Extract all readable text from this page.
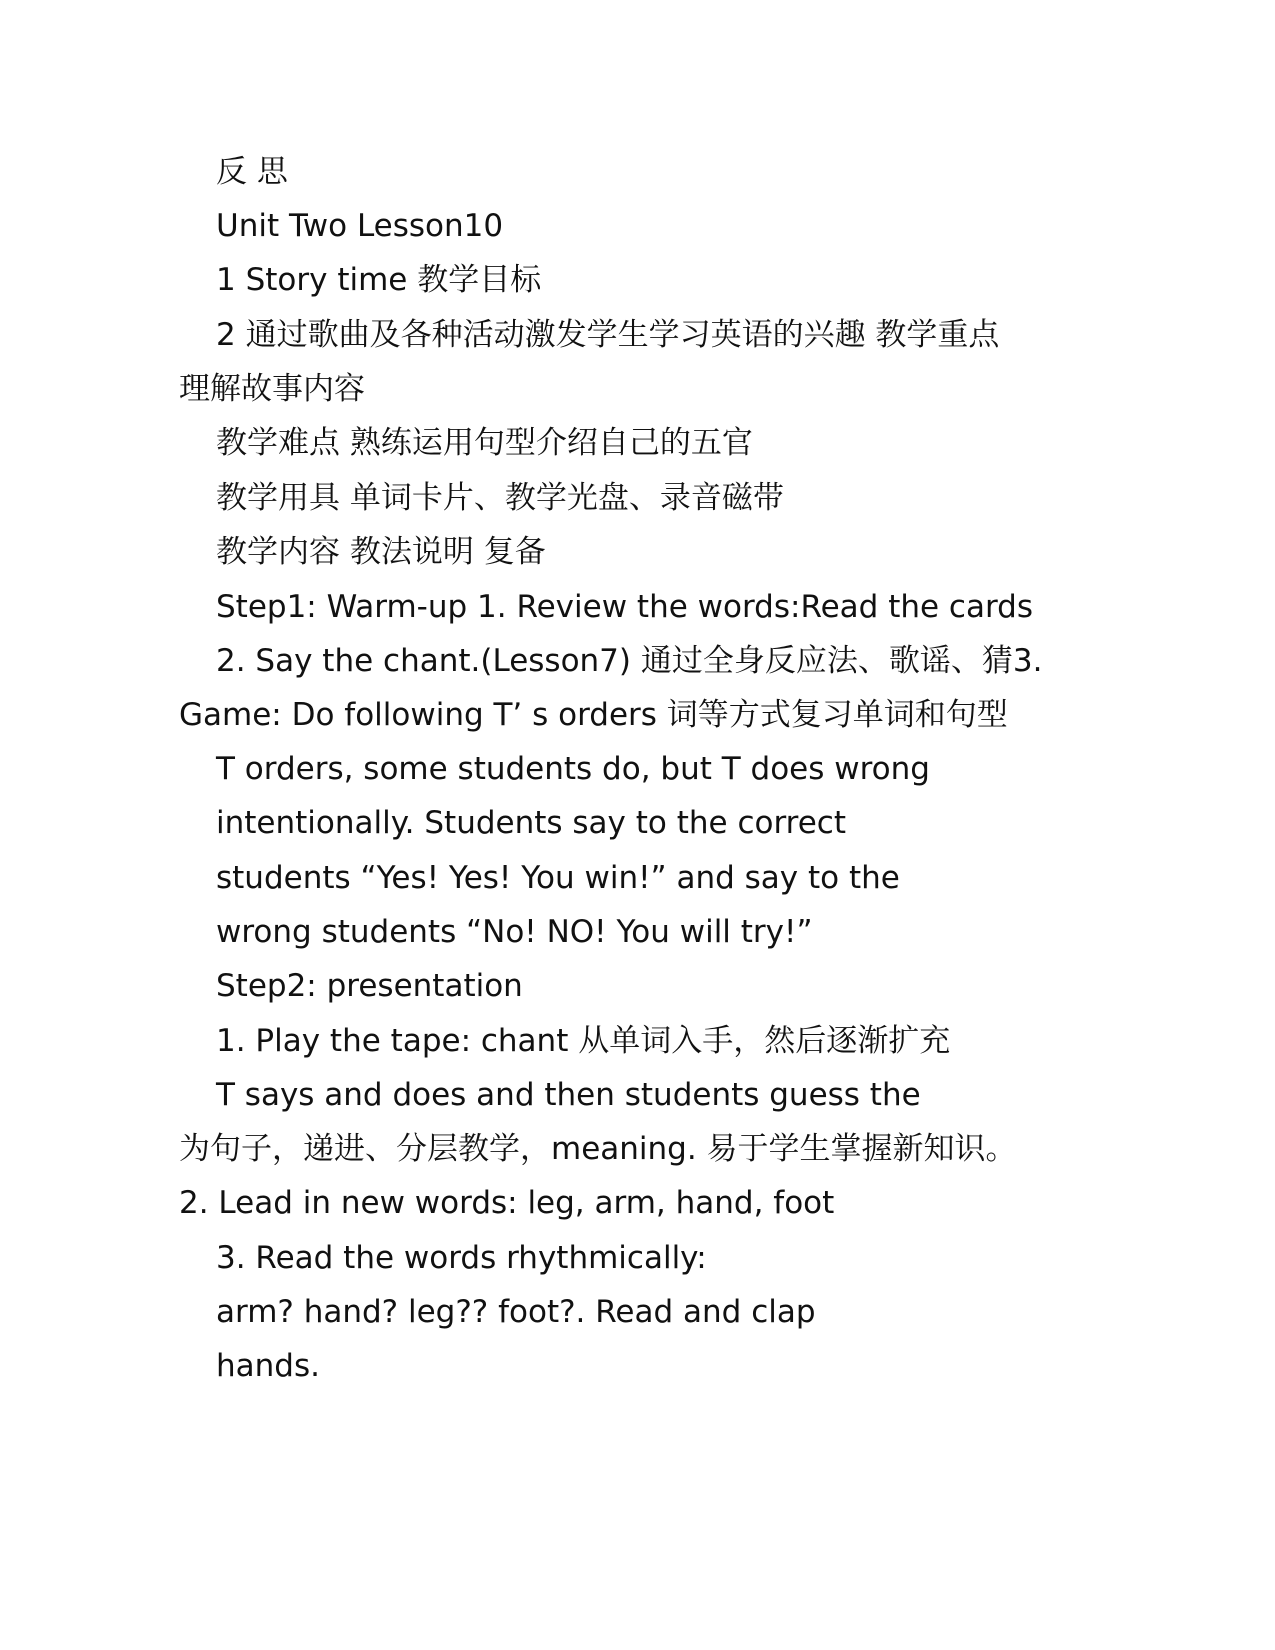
反 思
Unit Two Lesson10
1 Story time 教学目标
2 通过歌曲及各种活动激发学生学习英语的兴趣 教学重点
理解故事内容
教学难点 熟练运用句型介绍自己的五官
教学用具 单词卡片、教学光盘、录音磁带
教学内容 教法说明 复备
Step1: Warm-up 1. Review the words:Read the cards
2. Say the chant.(Lesson7) 通过全身反应法、歌谣、猜3.
Game: Do following T’ s orders 词等方式复习单词和句型
T orders, some students do, but T does wrong
intentionally. Students say to the correct
students “Yes! Yes! You win!” and say to the
wrong students “No! NO! You will try!”
Step2: presentation
1. Play the tape: chant 从单词入手，然后逐渐扩充
T says and does and then students guess the
为句子，递进、分层教学，meaning. 易于学生掌握新知识。
2. Lead in new words: leg, arm, hand, foot
3. Read the words rhythmically:
arm? hand? leg?? foot?. Read and clap
hands.
